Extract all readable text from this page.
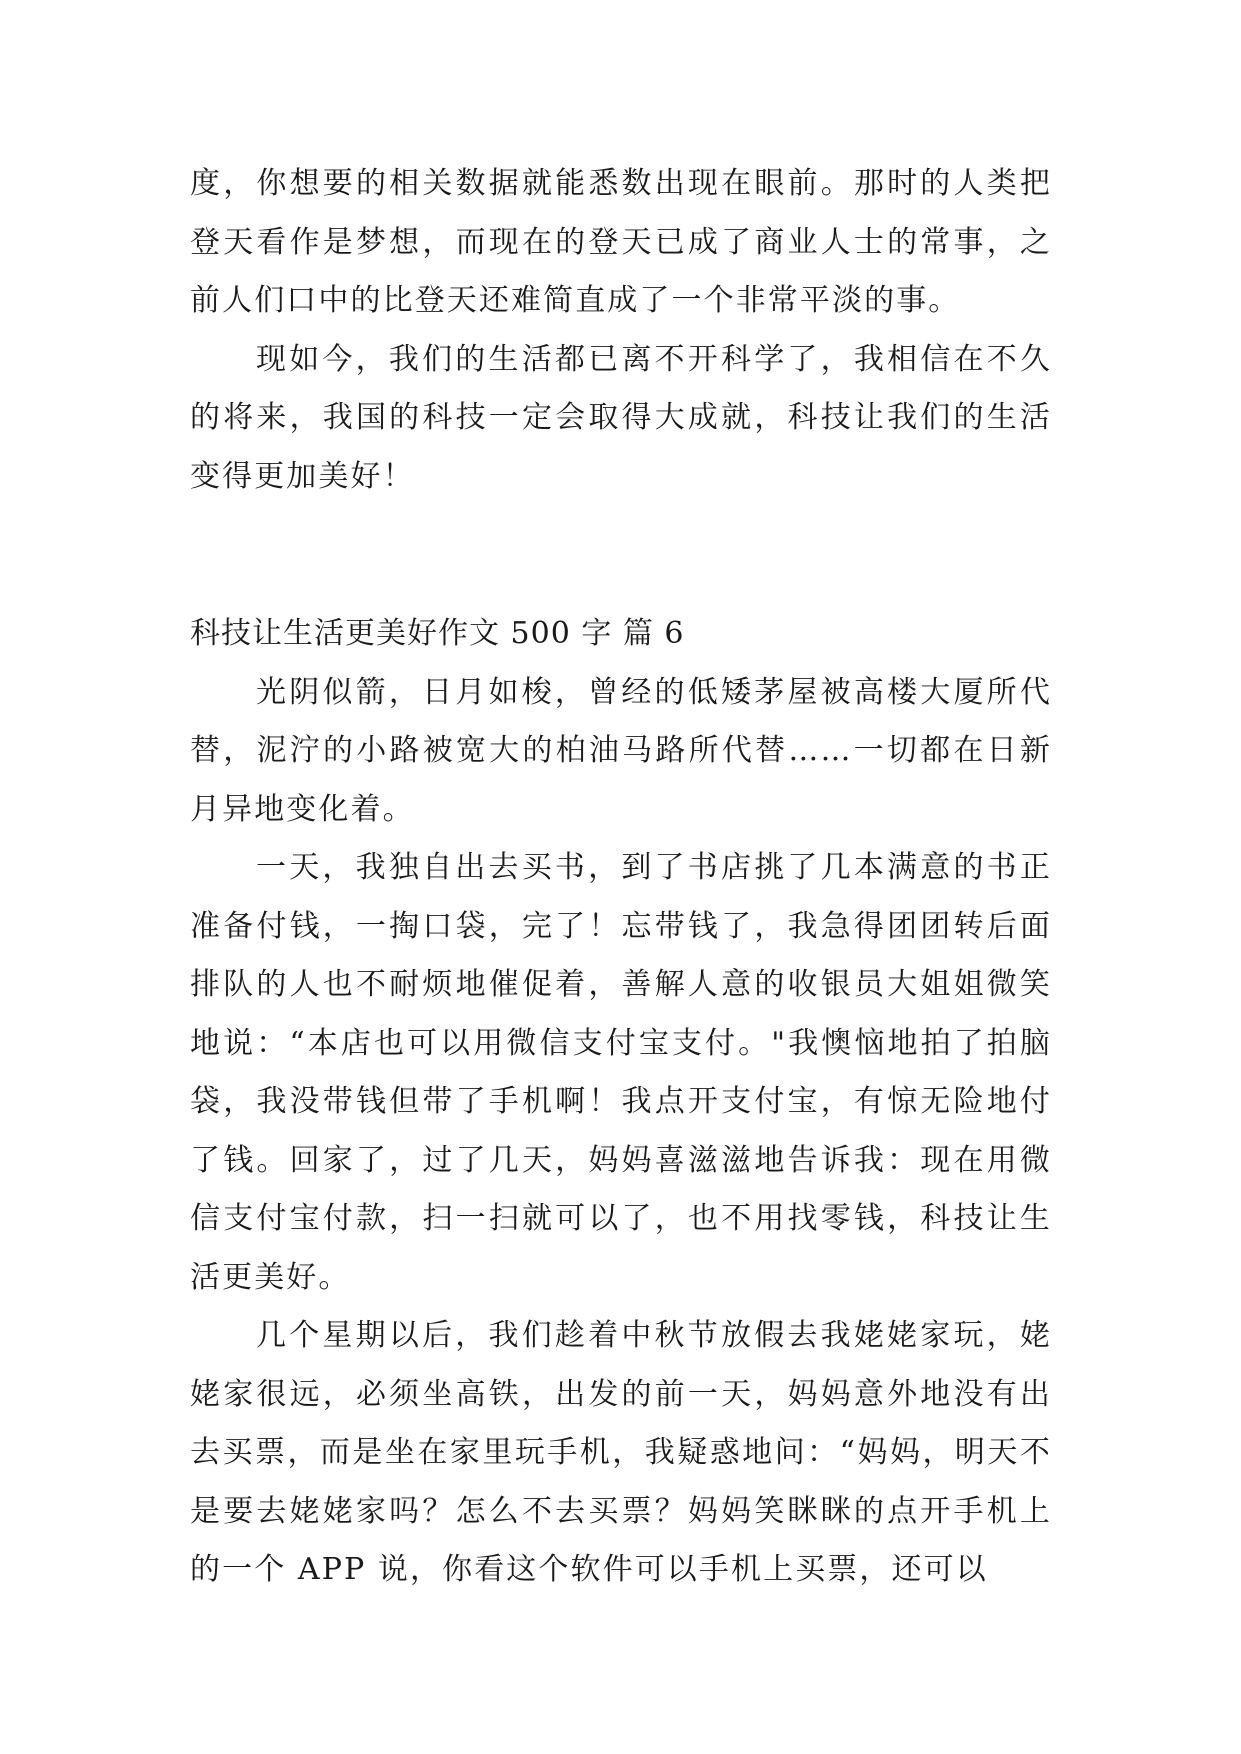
度，你想要的相关数据就能悉数出现在眼前。那时的人类把登天看作是梦想，而现在的登天已成了商业人士的常事，之前人们口中的比登天还难简直成了一个非常平淡的事。

现如今，我们的生活都已离不开科学了，我相信在不久的将来，我国的科技一定会取得大成就，科技让我们的生活变得更加美好！

科技让生活更美好作文 500 字 篇 6

光阴似箭，日月如梭，曾经的低矮茅屋被高楼大厦所代替，泥泞的小路被宽大的柏油马路所代替……一切都在日新月异地变化着。

一天，我独自出去买书，到了书店挑了几本满意的书正准备付钱，一掏口袋，完了！忘带钱了，我急得团团转后面排队的人也不耐烦地催促着，善解人意的收银员大姐姐微笑地说：“本店也可以用微信支付宝支付。"我懊恼地拍了拍脑袋，我没带钱但带了手机啊！我点开支付宝，有惊无险地付了钱。回家了，过了几天，妈妈喜滋滋地告诉我：现在用微信支付宝付款，扫一扫就可以了，也不用找零钱，科技让生活更美好。

几个星期以后，我们趁着中秋节放假去我姥姥家玩，姥姥家很远，必须坐高铁，出发的前一天，妈妈意外地没有出去买票，而是坐在家里玩手机，我疑惑地问：“妈妈，明天不是要去姥姥家吗？怎么不去买票？妈妈笑眯眯的点开手机上的一个 APP 说，你看这个软件可以手机上买票，还可以
